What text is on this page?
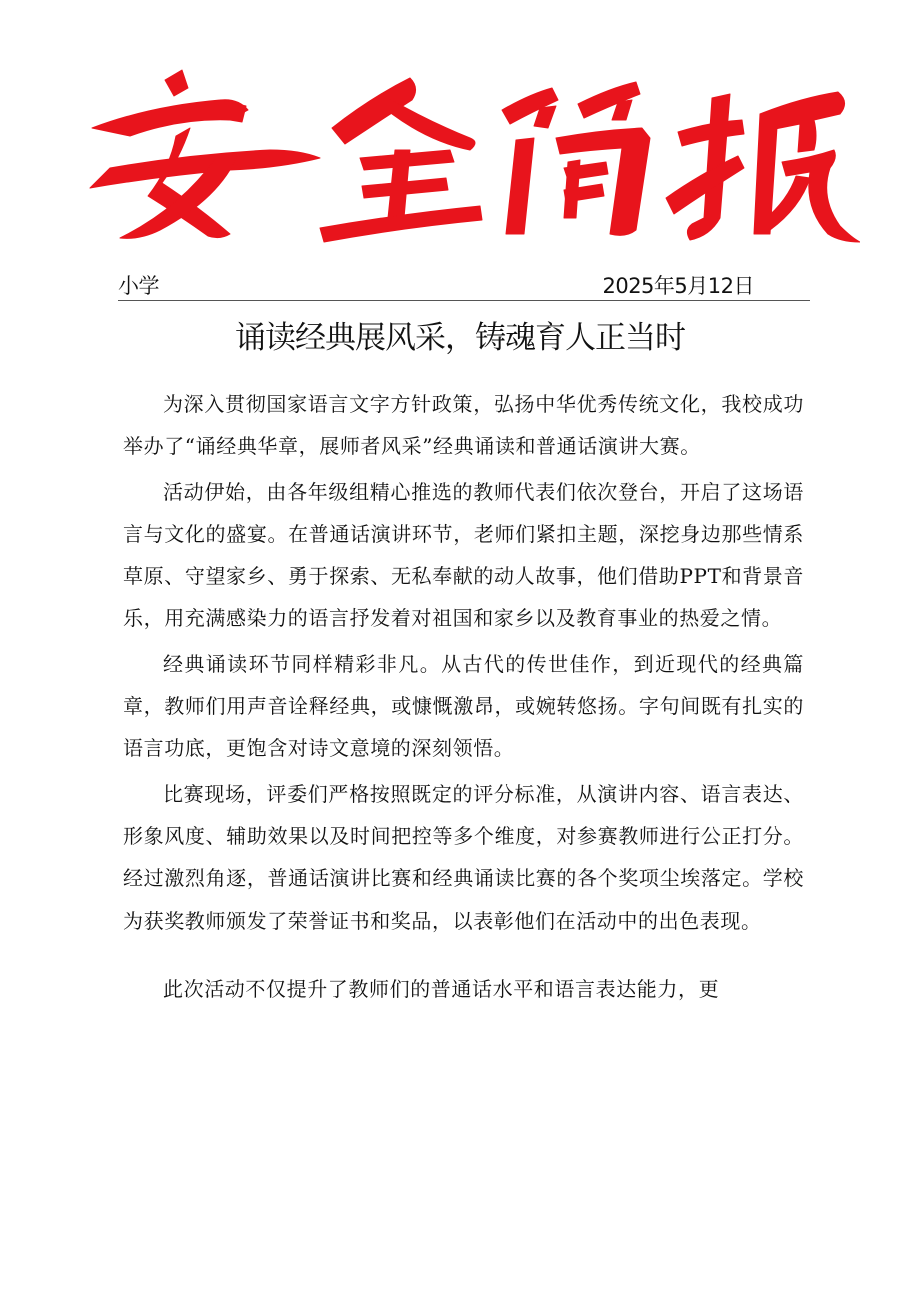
小学	2025年5月12日
诵读经典展风采，铸魂育人正当时

为深入贯彻国家语言文字方针政策，弘扬中华优秀传统文化，我校成功举办了“诵经典华章，展师者风采”经典诵读和普通话演讲大赛。

活动伊始，由各年级组精心推选的教师代表们依次登台，开启了这场语言与文化的盛宴。在普通话演讲环节，老师们紧扣主题，深挖身边那些情系草原、守望家乡、勇于探索、无私奉献的动人故事，他们借助PPT和背景音乐，用充满感染力的语言抒发着对祖国和家乡以及教育事业的热爱之情。

经典诵读环节同样精彩非凡。从古代的传世佳作，到近现代的经典篇章，教师们用声音诠释经典，或慷慨激昂，或婉转悠扬。字句间既有扎实的语言功底，更饱含对诗文意境的深刻领悟。

比赛现场，评委们严格按照既定的评分标准，从演讲内容、语言表达、形象风度、辅助效果以及时间把控等多个维度，对参赛教师进行公正打分。经过激烈角逐，普通话演讲比赛和经典诵读比赛的各个奖项尘埃落定。学校为获奖教师颁发了荣誉证书和奖品，以表彰他们在活动中的出色表现。

此次活动不仅提升了教师们的普通话水平和语言表达能力，更
